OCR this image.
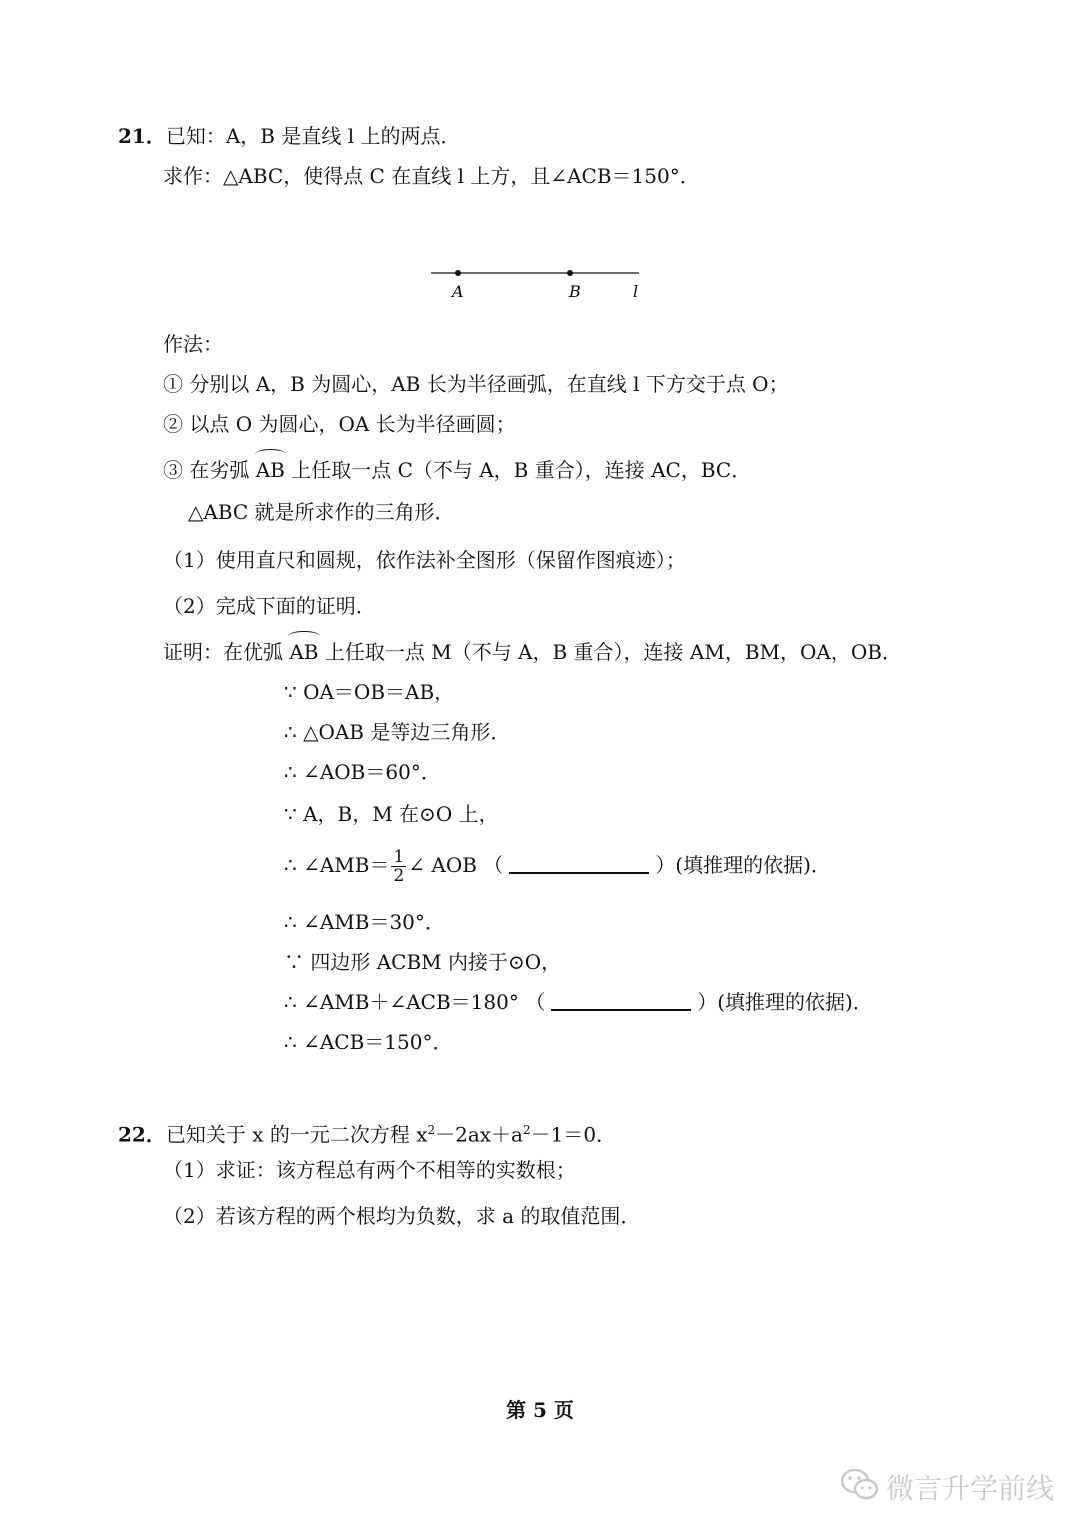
21．已知：A，B 是直线 l 上的两点．
求作：△ABC，使得点 C 在直线 l 上方，且∠ACB＝150°．
A	B	l
作法：
① 分别以 A，B 为圆心，AB 长为半径画弧，在直线 l 下方交于点 O；
② 以点 O 为圆心，OA 长为半径画圆；
③ 在劣弧 AB 上任取一点 C（不与 A，B 重合），连接 AC，BC．
△ABC 就是所求作的三角形．
（1）使用直尺和圆规，依作法补全图形（保留作图痕迹）；
（2）完成下面的证明．
证明：在优弧 AB 上任取一点 M（不与 A，B 重合），连接 AM，BM，OA，OB．
∵ OA＝OB＝AB，
∴ △OAB 是等边三角形．
∴ ∠AOB＝60°．
∵ A，B，M 在⊙O 上，
∴ ∠AMB＝ $\frac{1}{2}$ ∠ AOB （	）(填推理的依据)．
∴ ∠AMB＝30°．
∵ 四边形 ACBM 内接于⊙O，
∴ ∠AMB＋∠ACB＝180° （	）(填推理的依据)．
∴ ∠ACB＝150°．
22．已知关于 x 的一元二次方程 $x^2-2ax+a^2-1=0$．
（1）求证：该方程总有两个不相等的实数根；
（2）若该方程的两个根均为负数，求 a 的取值范围．
第 5 页
微言升学前线
